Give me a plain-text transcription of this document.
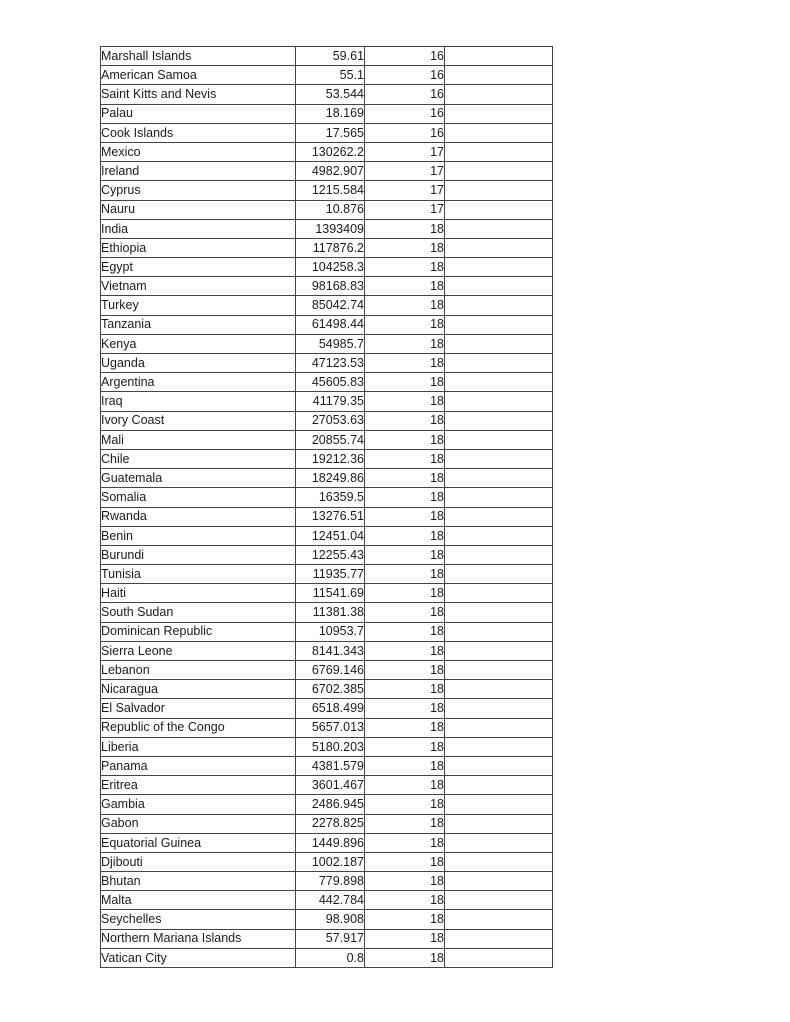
Marshall Islands	59.61	16	
American Samoa	55.1	16	
Saint Kitts and Nevis	53.544	16	
Palau	18.169	16	
Cook Islands	17.565	16	
Mexico	130262.2	17	
Ireland	4982.907	17	
Cyprus	1215.584	17	
Nauru	10.876	17	
India	1393409	18	
Ethiopia	117876.2	18	
Egypt	104258.3	18	
Vietnam	98168.83	18	
Turkey	85042.74	18	
Tanzania	61498.44	18	
Kenya	54985.7	18	
Uganda	47123.53	18	
Argentina	45605.83	18	
Iraq	41179.35	18	
Ivory Coast	27053.63	18	
Mali	20855.74	18	
Chile	19212.36	18	
Guatemala	18249.86	18	
Somalia	16359.5	18	
Rwanda	13276.51	18	
Benin	12451.04	18	
Burundi	12255.43	18	
Tunisia	11935.77	18	
Haiti	11541.69	18	
South Sudan	11381.38	18	
Dominican Republic	10953.7	18	
Sierra Leone	8141.343	18	
Lebanon	6769.146	18	
Nicaragua	6702.385	18	
El Salvador	6518.499	18	
Republic of the Congo	5657.013	18	
Liberia	5180.203	18	
Panama	4381.579	18	
Eritrea	3601.467	18	
Gambia	2486.945	18	
Gabon	2278.825	18	
Equatorial Guinea	1449.896	18	
Djibouti	1002.187	18	
Bhutan	779.898	18	
Malta	442.784	18	
Seychelles	98.908	18	
Northern Mariana Islands	57.917	18	
Vatican City	0.8	18	
